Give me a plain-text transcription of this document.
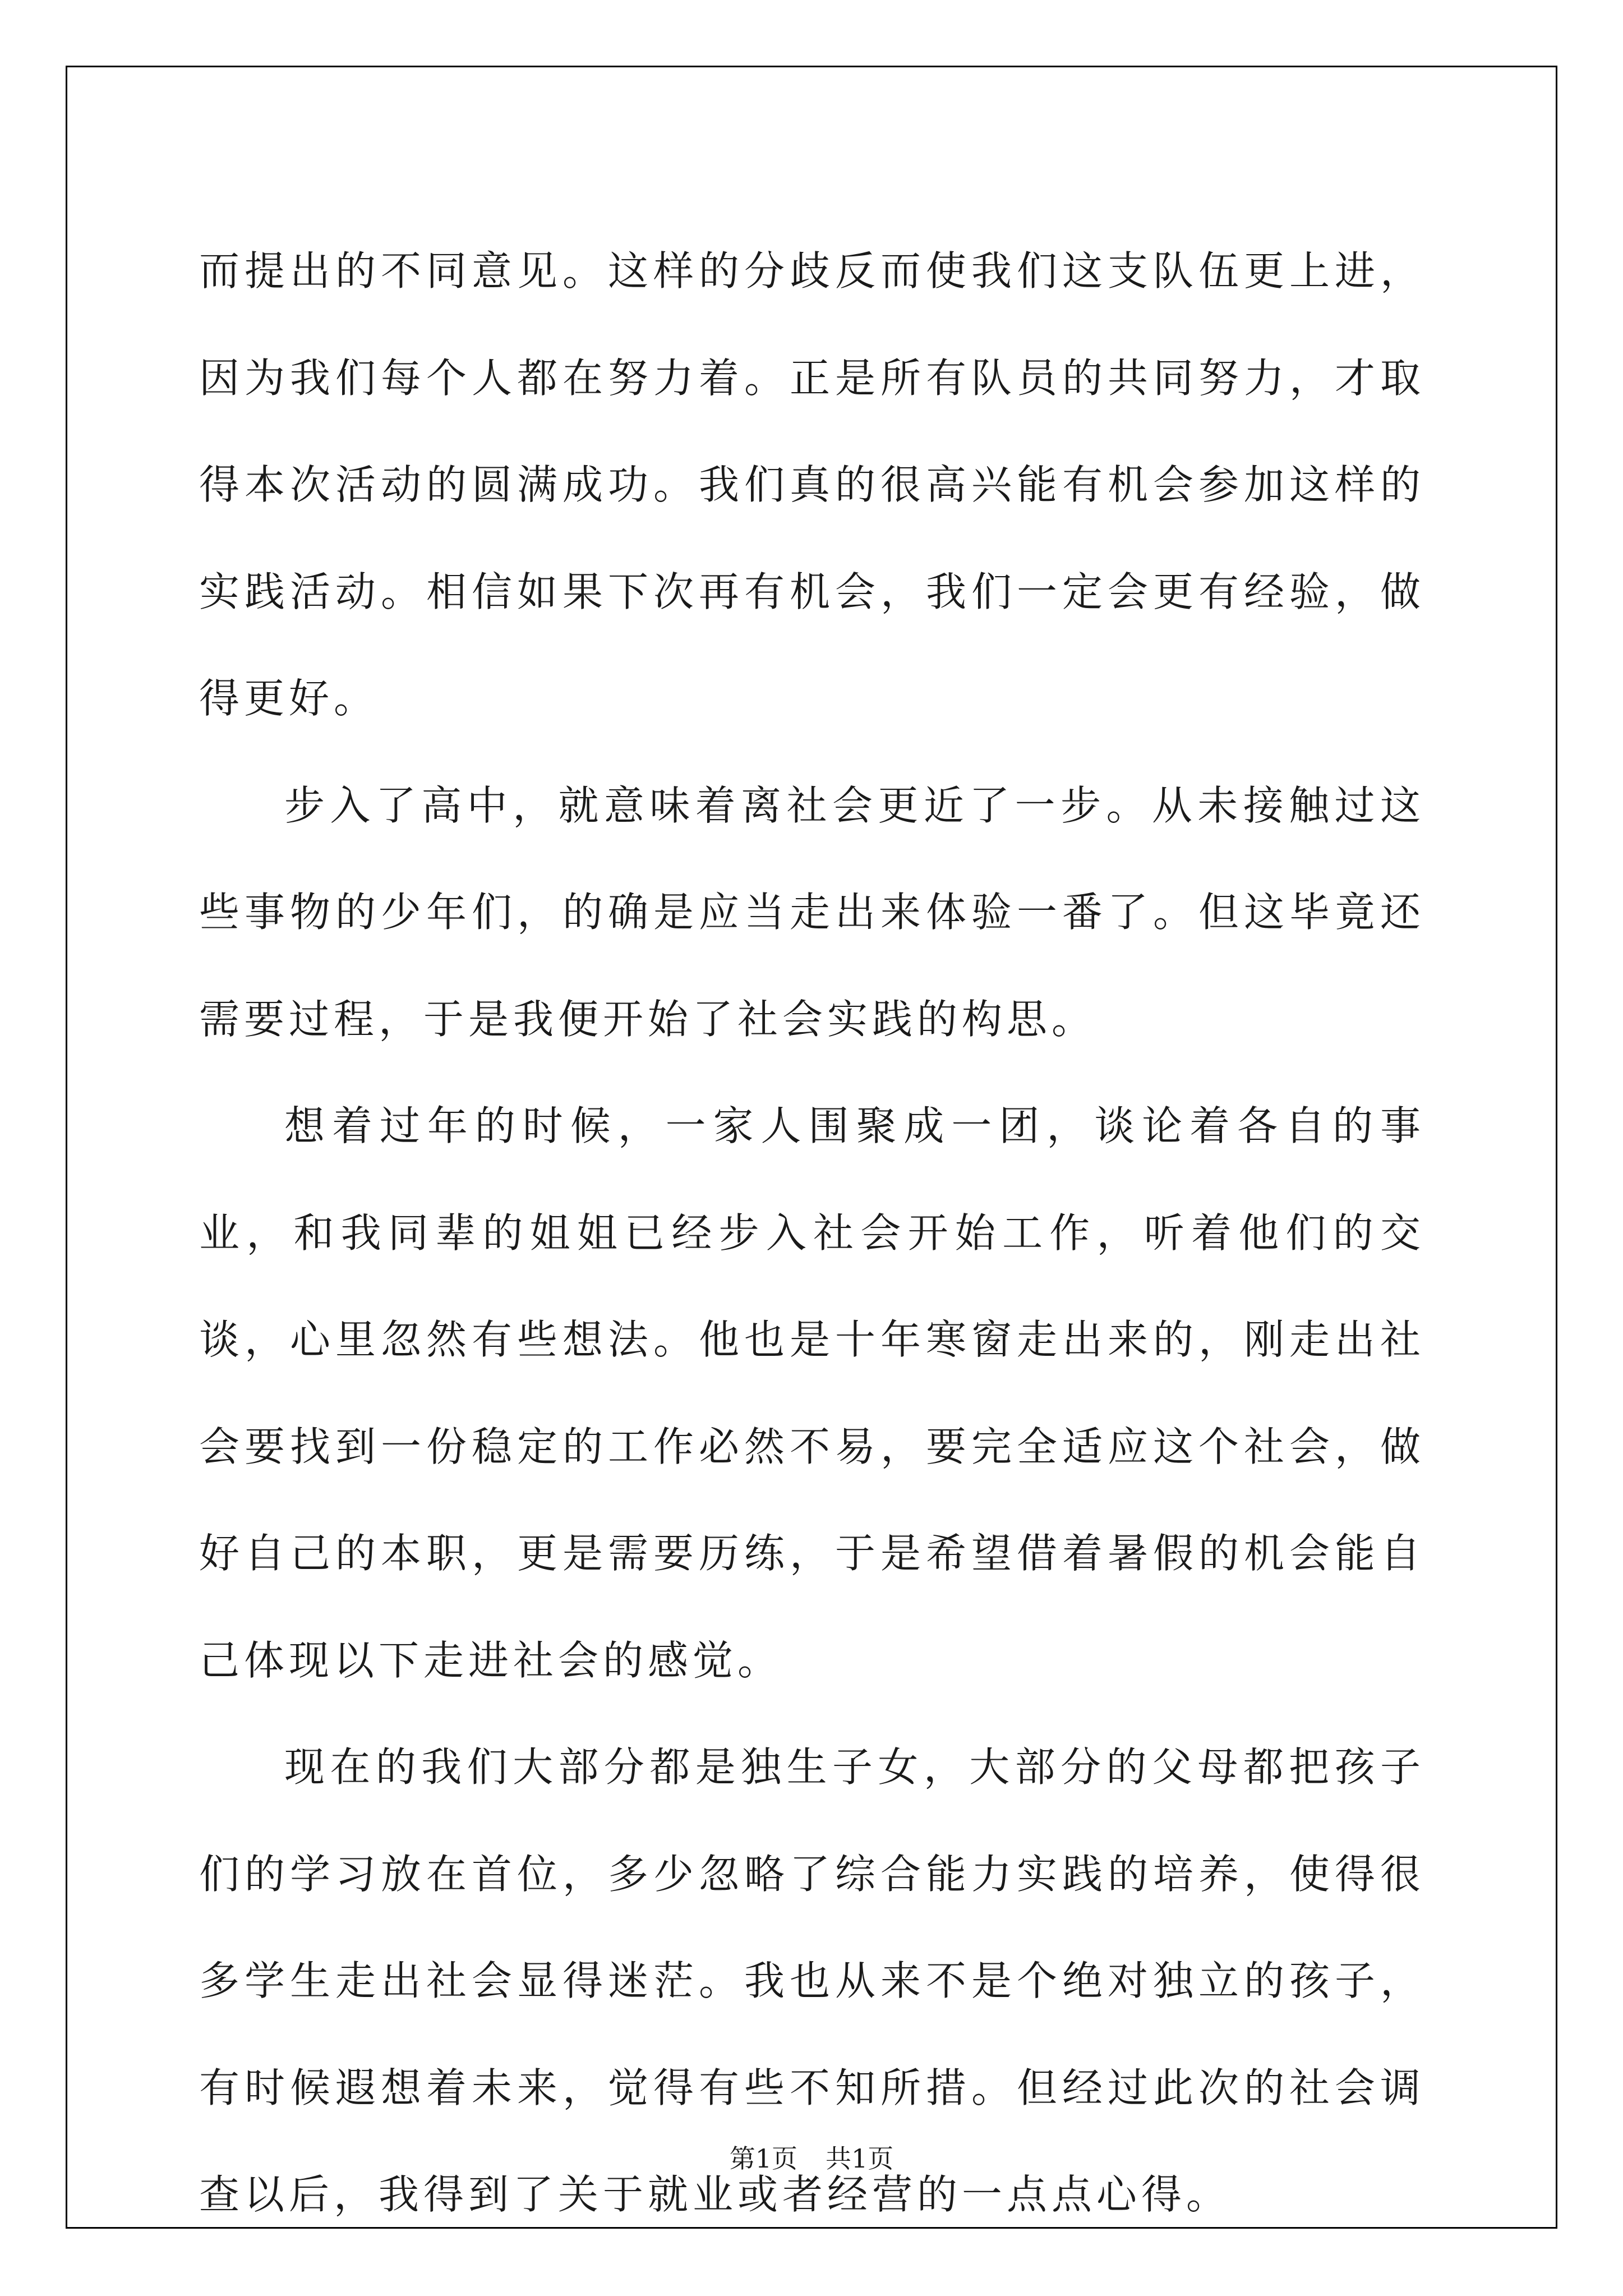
而提出的不同意见。这样的分歧反而使我们这支队伍更上进，因为我们每个人都在努力着。正是所有队员的共同努力，才取得本次活动的圆满成功。我们真的很高兴能有机会参加这样的实践活动。相信如果下次再有机会，我们一定会更有经验，做得更好。

步入了高中，就意味着离社会更近了一步。从未接触过这些事物的少年们，的确是应当走出来体验一番了。但这毕竟还需要过程，于是我便开始了社会实践的构思。

想着过年的时候，一家人围聚成一团，谈论着各自的事业，和我同辈的姐姐已经步入社会开始工作，听着他们的交谈，心里忽然有些想法。他也是十年寒窗走出来的，刚走出社会要找到一份稳定的工作必然不易，要完全适应这个社会，做好自己的本职，更是需要历练，于是希望借着暑假的机会能自己体现以下走进社会的感觉。

现在的我们大部分都是独生子女，大部分的父母都把孩子们的学习放在首位，多少忽略了综合能力实践的培养，使得很多学生走出社会显得迷茫。我也从来不是个绝对独立的孩子，有时候遐想着未来，觉得有些不知所措。但经过此次的社会调查以后，我得到了关于就业或者经营的一点点心得。

第1页 共1页
